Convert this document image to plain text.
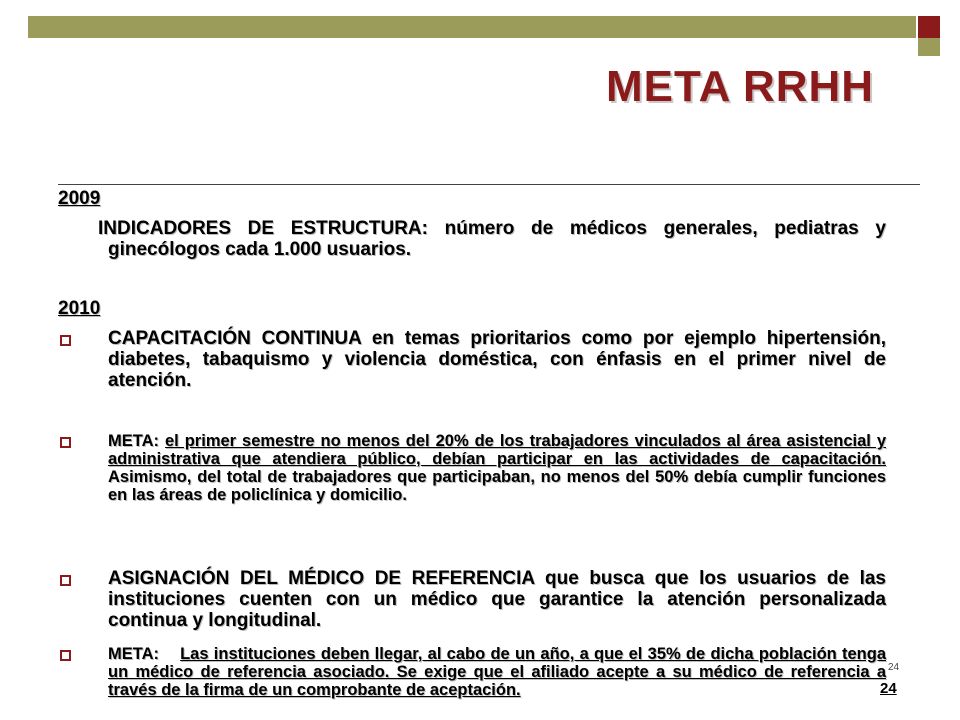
META RRHH
2009
INDICADORES DE ESTRUCTURA: número de médicos generales, pediatras y ginecólogos cada 1.000 usuarios.
2010
CAPACITACIÓN CONTINUA en temas prioritarios como por ejemplo hipertensión, diabetes, tabaquismo y violencia doméstica, con énfasis en el primer nivel de atención.
META: el primer semestre no menos del 20% de los trabajadores vinculados al área asistencial y administrativa que atendiera público, debían participar en las actividades de capacitación. Asimismo, del total de trabajadores que participaban, no menos del 50% debía cumplir funciones en las áreas de policlínica y domicilio.
ASIGNACIÓN DEL MÉDICO DE REFERENCIA que busca que los usuarios de las instituciones cuenten con un médico que garantice la atención personalizada continua y longitudinal.
META: Las instituciones deben llegar, al cabo de un año, a que el 35% de dicha población tenga un médico de referencia asociado. Se exige que el afiliado acepte a su médico de referencia a través de la firma de un comprobante de aceptación.
24
24
